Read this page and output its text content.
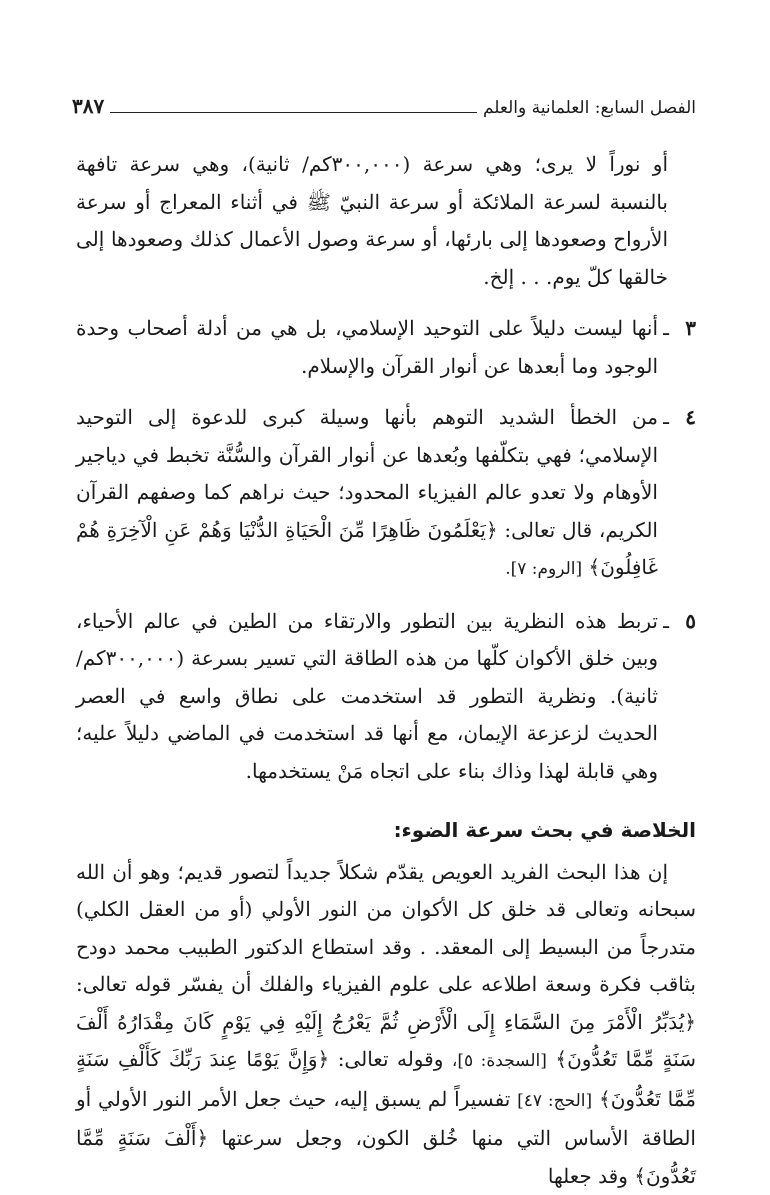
الفصل السابع: العلمانية والعلم
٣٨٧

أو نوراً لا يرى؛ وهي سرعة (٣٠٠,٠٠٠كم/ ثانية)، وهي سرعة تافهة بالنسبة لسرعة الملائكة أو سرعة النبيّ ﷺ في أثناء المعراج أو سرعة الأرواح وصعودها إلى بارئها، أو سرعة وصول الأعمال كذلك وصعودها إلى خالقها كلّ يوم. . . إلخ.

٣
ـ

أنها ليست دليلاً على التوحيد الإسلامي، بل هي من أدلة أصحاب وحدة الوجود وما أبعدها عن أنوار القرآن والإسلام.

٤
ـ

من الخطأ الشديد التوهم بأنها وسيلة كبرى للدعوة إلى التوحيد الإسلامي؛ فهي بتكلّفها وبُعدها عن أنوار القرآن والسُّنَّة تخبط في دياجير الأوهام ولا تعدو عالم الفيزياء المحدود؛ حيث نراهم كما وصفهم القرآن الكريم، قال تعالى: ﴿يَعْلَمُونَ ظَاهِرًا مِّنَ الْحَيَاةِ الدُّنْيَا وَهُمْ عَنِ الْآخِرَةِ هُمْ غَافِلُونَ﴾ [الروم: ٧].

٥
ـ

تربط هذه النظرية بين التطور والارتقاء من الطين في عالم الأحياء، وبين خلق الأكوان كلّها من هذه الطاقة التي تسير بسرعة (٣٠٠,٠٠٠كم/ ثانية). ونظرية التطور قد استخدمت على نطاق واسع في العصر الحديث لزعزعة الإيمان، مع أنها قد استخدمت في الماضي دليلاً عليه؛ وهي قابلة لهذا وذاك بناء على اتجاه مَنْ يستخدمها.

الخلاصة في بحث سرعة الضوء:

إن هذا البحث الفريد العويص يقدّم شكلاً جديداً لتصور قديم؛ وهو أن الله سبحانه وتعالى قد خلق كل الأكوان من النور الأولي (أو من العقل الكلي) متدرجاً من البسيط إلى المعقد. . وقد استطاع الدكتور الطبيب محمد دودح بثاقب فكرة وسعة اطلاعه على علوم الفيزياء والفلك أن يفسّر قوله تعالى: ﴿يُدَبِّرُ الْأَمْرَ مِنَ السَّمَاءِ إِلَى الْأَرْضِ ثُمَّ يَعْرُجُ إِلَيْهِ فِي يَوْمٍ كَانَ مِقْدَارُهُ أَلْفَ سَنَةٍ مِّمَّا تَعُدُّونَ﴾ [السجدة: ٥]، وقوله تعالى: ﴿وَإِنَّ يَوْمًا عِندَ رَبِّكَ كَأَلْفِ سَنَةٍ مِّمَّا تَعُدُّونَ﴾ [الحج: ٤٧] تفسيراً لم يسبق إليه، حيث جعل الأمر النور الأولي أو الطاقة الأساس التي منها خُلق الكون، وجعل سرعتها ﴿أَلْفَ سَنَةٍ مِّمَّا تَعُدُّونَ﴾ وقد جعلها
